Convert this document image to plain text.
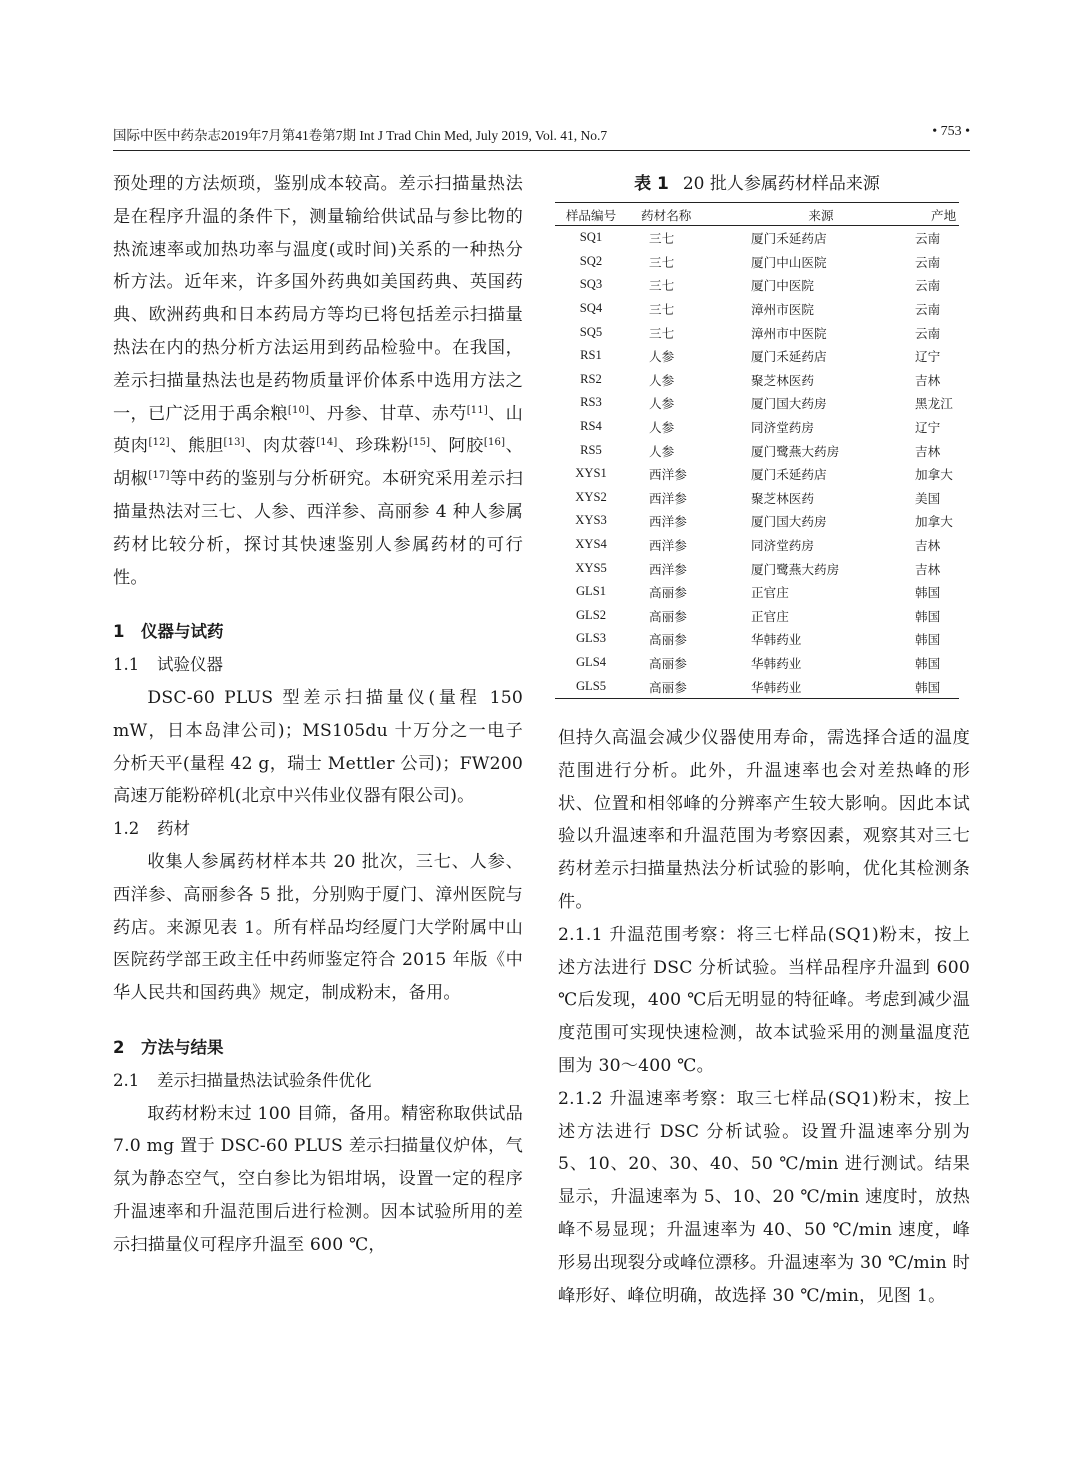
国际中医中药杂志2019年7月第41卷第7期 Int J Trad Chin Med, July 2019, Vol. 41, No.7	• 753 •

预处理的方法烦琐，鉴别成本较高。差示扫描量热法是在程序升温的条件下，测量输给供试品与参比物的热流速率或加热功率与温度(或时间)关系的一种热分析方法。近年来，许多国外药典如美国药典、英国药典、欧洲药典和日本药局方等均已将包括差示扫描量热法在内的热分析方法运用到药品检验中。在我国，差示扫描量热法也是药物质量评价体系中选用方法之一，已广泛用于禹余粮[10]、丹参、甘草、赤芍[11]、山萸肉[12]、熊胆[13]、肉苁蓉[14]、珍珠粉[15]、阿胶[16]、胡椒[17]等中药的鉴别与分析研究。本研究采用差示扫描量热法对三七、人参、西洋参、高丽参 4 种人参属药材比较分析，探讨其快速鉴别人参属药材的可行性。

1 仪器与试药

1.1 试验仪器

DSC-60 PLUS 型差示扫描量仪(量程 150 mW，日本岛津公司)；MS105du 十万分之一电子分析天平(量程 42 g，瑞士 Mettler 公司)；FW200 高速万能粉碎机(北京中兴伟业仪器有限公司)。

1.2 药材

收集人参属药材样本共 20 批次，三七、人参、西洋参、高丽参各 5 批，分别购于厦门、漳州医院与药店。来源见表 1。所有样品均经厦门大学附属中山医院药学部王政主任中药师鉴定符合 2015 年版《中华人民共和国药典》规定，制成粉末，备用。

2 方法与结果

2.1 差示扫描量热法试验条件优化

取药材粉末过 100 目筛，备用。精密称取供试品 7.0 mg 置于 DSC-60 PLUS 差示扫描量仪炉体，气氛为静态空气，空白参比为铝坩埚，设置一定的程序升温速率和升温范围后进行检测。因本试验所用的差示扫描量仪可程序升温至 600 ℃，

表 1 20 批人参属药材样品来源
样品编号	药材名称	来源	产地
SQ1	三七	厦门禾延药店	云南
SQ2	三七	厦门中山医院	云南
SQ3	三七	厦门中医院	云南
SQ4	三七	漳州市医院	云南
SQ5	三七	漳州市中医院	云南
RS1	人参	厦门禾延药店	辽宁
RS2	人参	聚芝林医药	吉林
RS3	人参	厦门国大药房	黑龙江
RS4	人参	同济堂药房	辽宁
RS5	人参	厦门鹭燕大药房	吉林
XYS1	西洋参	厦门禾延药店	加拿大
XYS2	西洋参	聚芝林医药	美国
XYS3	西洋参	厦门国大药房	加拿大
XYS4	西洋参	同济堂药房	吉林
XYS5	西洋参	厦门鹭燕大药房	吉林
GLS1	高丽参	正官庄	韩国
GLS2	高丽参	正官庄	韩国
GLS3	高丽参	华韩药业	韩国
GLS4	高丽参	华韩药业	韩国
GLS5	高丽参	华韩药业	韩国

但持久高温会减少仪器使用寿命，需选择合适的温度范围进行分析。此外，升温速率也会对差热峰的形状、位置和相邻峰的分辨率产生较大影响。因此本试验以升温速率和升温范围为考察因素，观察其对三七药材差示扫描量热法分析试验的影响，优化其检测条件。

2.1.1 升温范围考察：将三七样品(SQ1)粉末，按上述方法进行 DSC 分析试验。当样品程序升温到 600 ℃后发现，400 ℃后无明显的特征峰。考虑到减少温度范围可实现快速检测，故本试验采用的测量温度范围为 30～400 ℃。

2.1.2 升温速率考察：取三七样品(SQ1)粉末，按上述方法进行 DSC 分析试验。设置升温速率分别为 5、10、20、30、40、50 ℃/min 进行测试。结果显示，升温速率为 5、10、20 ℃/min 速度时，放热峰不易显现；升温速率为 40、50 ℃/min 速度，峰形易出现裂分或峰位漂移。升温速率为 30 ℃/min 时峰形好、峰位明确，故选择 30 ℃/min，见图 1。
